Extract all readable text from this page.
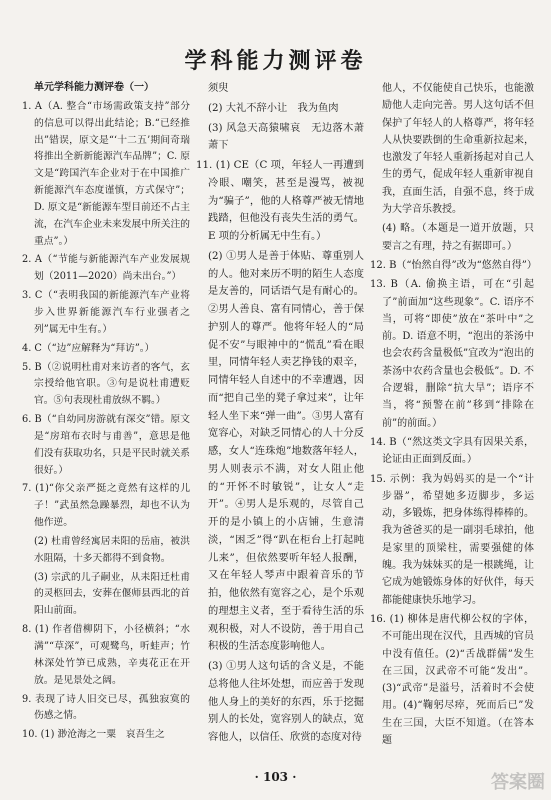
学科能力测评卷
单元学科能力测评卷（一）

1. A（A. 整合“市场需政策支持”部分的信息可以得出此结论；B.“已经推出”错误，原文是“‘十二五’期间奇瑞将推出全新新能源汽车品牌”；C. 原文是“跨国汽车企业对于在中国推广新能源汽车态度谨慎，方式保守”；D. 原文是“新能源车型目前还不占主流，在汽车企业未来发展中所关注的重点”。）

2. A（“节能与新能源汽车产业发展规划（2011—2020）尚未出台。”）

3. C（“表明我国的新能源汽车产业将步入世界新能源汽车行业强者之列”属无中生有。）

4. C（“边”应解释为“拜访”。）

5. B（②说明杜甫对来访者的客气，玄宗授给他官职。③句是说杜甫遭贬官。⑤句表现杜甫放纵不羁。）

6. B（“自幼同房游就有深交”错。原文是“房琯布衣时与甫善”，意思是他们没有获取功名，只是平民时就关系很好。）

7. (1)“你父亲严挺之竟然有这样的儿子！”武虽然急躁暴烈，却也不认为他作逆。

(2) 杜甫曾经寓居耒阳的岳庙，被洪水阻隔，十多天都得不到食物。

(3) 宗武的儿子嗣业，从耒阳迁杜甫的灵柩回去，安葬在偃师县西北的首阳山前面。

8. (1) 作者借柳阴下，小径横斜；“水满”“草深”，可观鹭鸟，听蛙声；竹林深处竹笋已成熟，辛夷花正在开放。是见景处之阔。

9. 表现了诗人旧交已尽，孤独寂寞的伤感之情。

10. (1) 渺沧海之一粟　哀吾生之

须臾

(2) 大礼不辞小让　我为鱼肉

(3) 风急天高猿啸哀　无边落木萧萧下

11. (1) CE（C 项，年轻人一再遭到冷眼、嘲笑，甚至是漫骂，被视为“骗子”，他的人格尊严被无情地践踏，但他没有丧失生活的勇气。E 项的分析属无中生有。）

(2) ①男人是善于体贴、尊重别人的人。他对来历不明的陌生人态度是友善的，同话语气是有耐心的。②男人善良、富有同情心，善于保护别人的尊严。他将年轻人的“局促不安”与眼神中的“慌乱”看在眼里，同情年轻人卖艺挣钱的艰辛，同情年轻人自述中的不幸遭遇，因而“把自己坐的凳子拿过来”，让年轻人坐下来“弹一曲”。③男人富有宽容心，对缺乏同情心的人十分反感，女人“连珠炮”地数落年轻人，男人则表示不满，对女人阻止他的“开怀不时敏锐”，让女人“走开”。④男人是乐观的，尽管自己开的是小镇上的小店铺，生意清淡，“困乏”得“趴在柜台上打起盹儿来”，但依然要听年轻人报酬，又在年轻人琴声中跟着音乐的节拍，他依然有宽容之心，是个乐观的理想主义者，至于看待生活的乐观积极，对人不设防，善于用自己积极的生活态度影响他人。

(3) ①男人这句话的含义是，不能总将他人往坏处想，而应善于发现他人身上的美好的东西，乐于挖掘别人的长处，宽容别人的缺点，宽容他人，以信任、欣赏的态度对待

他人，不仅能使自己快乐，也能激励他人走向完善。男人这句话不但保护了年轻人的人格尊严，将年轻人从快要跌倒的生命重新拉起来，也激发了年轻人重新扬起对自己人生的勇气，促成年轻人重新审视自我，直面生活，自强不息，终于成为大学音乐教授。

(4) 略。（本题是一道开放题，只要言之有理，持之有据即可。）

12. B（“怡然自得”改为“悠然自得”）

13. B（A. 偷换主语，可在“引起了”前面加“这些现象”。C. 语序不当，可将“即使”放在“茶叶中”之前。D. 语意不明，“泡出的茶汤中也会农药含量极低”宜改为“泡出的茶汤中农药含量也会极低”。D. 不合逻辑，删除“抗大旱”；语序不当，将“预警在前”移到“排除在前”的前面。）

14. B（“然这类文字具有因果关系，论证由正面到反面。）

15. 示例：我为妈妈买的是一个“计步器”，希望她多迈脚步，多运动，多锻炼，把身体练得棒棒的。我为爸爸买的是一副羽毛球拍，他是家里的顶梁柱，需要强健的体魄。我为妹妹买的是一根跳绳，让它成为她锻炼身体的好伙伴，每天都能健康快乐地学习。

16. (1) 柳体是唐代柳公权的字体，不可能出现在汉代，且西城的官员中没有值任。(2)“舌战群儒”发生在三国，汉武帝不可能“发出”。(3)“武帝”是溢号，活着时不会使用。(4)“鞠躬尽瘁，死而后已”发生在三国，大臣不知道。（在答本题

· 103 ·	答案圈
